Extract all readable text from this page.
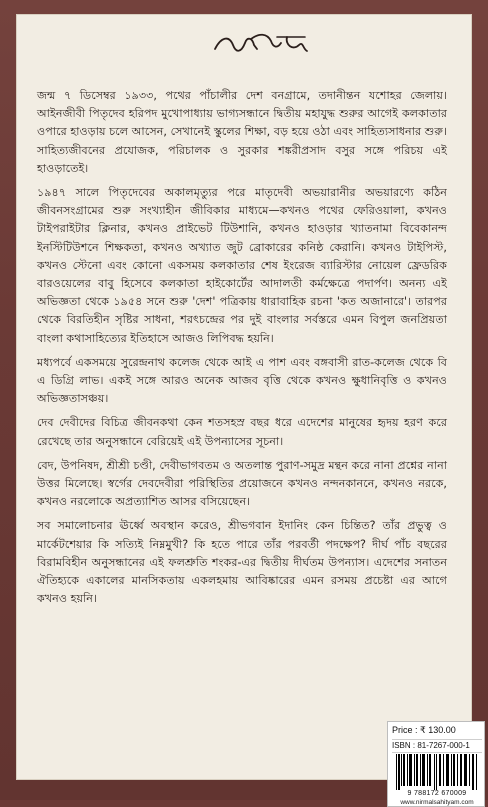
জন্ম ৭ ডিসেম্বর ১৯৩৩, পথের পাঁচালীর দেশ বনগ্রামে, তদানীন্তন যশোহর জেলায়। আইনজীবী পিতৃদেব হরিপদ মুখোপাধ্যায় ভাগ্যসন্ধানে দ্বিতীয় মহাযুদ্ধ শুরুর আগেই কলকাতার ওপারে হাওড়ায় চলে আসেন, সেখানেই স্কুলের শিক্ষা, বড় হয়ে ওঠা এবং সাহিত্যসাধনার শুরু। সাহিত্যজীবনের প্রযোজক, পরিচালক ও সুরকার শঙ্করীপ্রসাদ বসুর সঙ্গে পরিচয় এই হাওড়াতেই।

১৯৪৭ সালে পিতৃদেবের অকালমৃত্যুর পরে মাতৃদেবী অভয়ারানীর অভয়ারণ্যে কঠিন জীবনসংগ্রামের শুরু সংখ্যাহীন জীবিকার মাধ্যমে—কখনও পথের ফেরিওয়ালা, কখনও টাইপরাইটার ক্লিনার, কখনও প্রাইভেট টিউশানি, কখনও হাওড়ার খ্যাতনামা বিবেকানন্দ ইনস্টিটিউশনে শিক্ষকতা, কখনও অখ্যাত জুট ব্রোকারের কনিষ্ঠ কেরানি। কখনও টাইপিস্ট, কখনও স্টেনো এবং কোনো একসময় কলকাতার শেষ ইংরেজ ব্যারিস্টার নোয়েল ফ্রেডরিক বারওয়েলের বাবু হিসেবে কলকাতা হাইকোর্টের আদালতী কর্মক্ষেত্রে পদার্পণ। অনন্য এই অভিজ্ঞতা থেকে ১৯৫৪ সনে শুরু 'দেশ' পত্রিকায় ধারাবাহিক রচনা 'কত অজানারে'। তারপর থেকে বিরতিহীন সৃষ্টির সাধনা, শরৎচন্দ্রের পর দুই বাংলার সর্বস্তরে এমন বিপুল জনপ্রিয়তা বাংলা কথাসাহিত্যের ইতিহাসে আজও লিপিবদ্ধ হয়নি।

মধ্যপর্বে একসময়ে সুরেন্দ্রনাথ কলেজ থেকে আই এ পাশ এবং বঙ্গবাসী রাত-কলেজ থেকে বি এ ডিগ্রি লাভ। একই সঙ্গে আরও অনেক আজব বৃত্তি থেকে কখনও ক্ষুধানিবৃত্তি ও কখনও অভিজ্ঞতাসঞ্চয়।

দেব দেবীদের বিচিত্র জীবনকথা কেন শতসহস্র বছর ধরে এদেশের মানুষের হৃদয় হরণ করে রেখেছে তার অনুসন্ধানে বেরিয়েই এই উপন্যাসের সূচনা।

বেদ, উপনিষদ, শ্রীশ্রী চণ্ডী, দেবীভাগবতম ও অতলান্ত পুরাণ-সমুদ্র মন্থন করে নানা প্রশ্নের নানা উত্তর মিলেছে। স্বর্গের দেবদেবীরা পরিস্থিতির প্রয়োজনে কখনও নন্দনকাননে, কখনও নরকে, কখনও নরলোকে অপ্রত্যাশিত আসর বসিয়েছেন।

সব সমালোচনার ঊর্ধ্বে অবস্থান করেও, শ্রীভগবান ইদানিং কেন চিন্তিত? তাঁর প্রভুত্ব ও মার্কেটশেয়ার কি সত্যিই নিম্নমুখী? কি হতে পারে তাঁর পরবর্তী পদক্ষেপ? দীর্ঘ পাঁচ বছরের বিরামবিহীন অনুসন্ধানের এই ফলশ্রুতি শংকর-এর দ্বিতীয় দীর্ঘতম উপন্যাস। এদেশের সনাতন ঐতিহ্যকে একালের মানসিকতায় একলহমায় আবিষ্কারের এমন রসময় প্রচেষ্টা এর আগে কখনও হয়নি।

Price : ₹ 130.00
ISBN : 81-7267-000-1
9 788172 670009
www.nirmalsahityam.com
